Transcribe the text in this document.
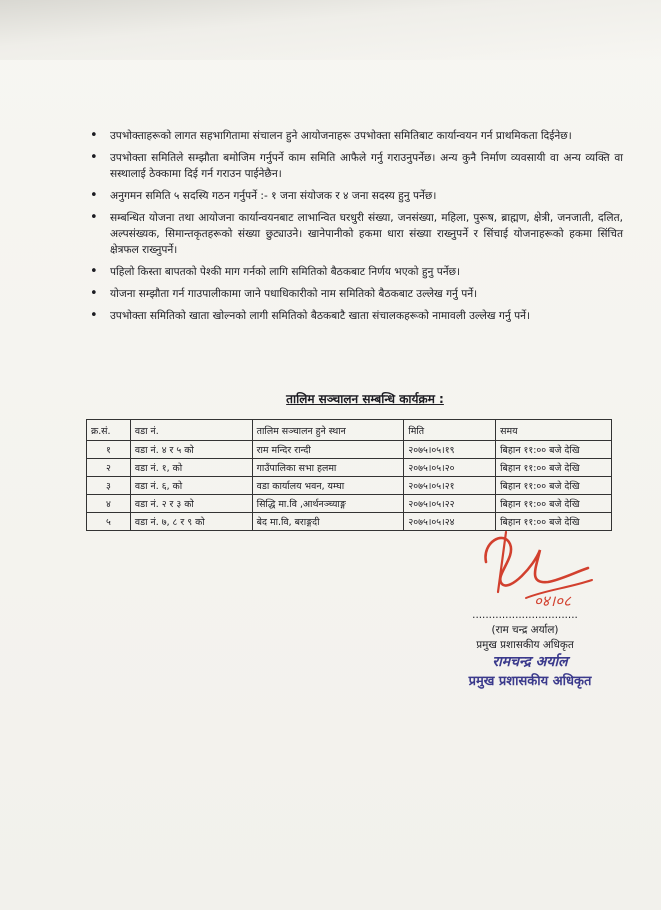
• उपभोक्ताहरूको लागत सहभागितामा संचालन हुने आयोजनाहरू उपभोक्ता समितिबाट कार्यान्वयन गर्न प्राथमिकता दिईनेछ।
• उपभोक्ता समितिले सम्झौता बमोजिम गर्नुपर्ने काम समिति आफैले गर्नु गराउनुपर्नेछ। अन्य कुनै निर्माण व्यवसायी वा अन्य व्यक्ति वा सस्थालाई ठेक्कामा दिई गर्न गराउन पाईनेछैन।
• अनुगमन समिति ५ सदस्यि गठन गर्नुपर्ने :- १ जना संयोजक र ४ जना सदस्य हुनु पर्नेछ।
• सम्बन्धित योजना तथा आयोजना कार्यान्वयनबाट लाभान्वित घरधुरी संख्या, जनसंख्या, महिला, पुरूष, ब्राह्मण, क्षेत्री, जनजाती, दलित, अल्पसंख्यक, सिमान्तकृतहरूको संख्या छुट्याउने। खानेपानीको हकमा धारा संख्या राख्नुपर्ने र सिंचाई योजनाहरूको हकमा सिंचित क्षेत्रफल राख्नुपर्ने।
• पहिलो किस्ता बापतको पेश्की माग गर्नको लागि समितिको बैठकबाट निर्णय भएको हुनु पर्नेछ।
• योजना सम्झौता गर्न गाउपालीकामा जाने पधाधिकारीको नाम समितिको बैठकबाट उल्लेख गर्नु पर्ने।
• उपभोक्ता समितिको खाता खोल्नको लागी समितिको बैठकबाटै खाता संचालकहरूको नामावली उल्लेख गर्नु पर्ने।
तालिम सञ्चालन सम्बन्धि कार्यक्रम :
क्र.सं.	वडा नं.	तालिम सञ्चालन हुने स्थान	मिति	समय
१	वडा नं. ४ र ५ को	राम मन्दिर रान्दी	२०७५।०५।१९	बिहान ११:०० बजे देखि
२	वडा नं. १, को	गाउँपालिका सभा हलमा	२०७५।०५।२०	बिहान ११:०० बजे देखि
३	वडा नं. ६, को	वडा कार्यालय भवन, यम्घा	२०७५।०५।२१	बिहान ११:०० बजे देखि
४	वडा नं. २ र ३ को	सिद्धि मा.वि ,आर्थनञ्च्याङ्ग	२०७५।०५।२२	बिहान ११:०० बजे देखि
५	वडा नं. ७, ८ र ९ को	बेद मा.वि, बराङ्गदी	२०७५।०५।२४	बिहान ११:०० बजे देखि
०४।०८
................................
(राम चन्द्र अर्याल)
प्रमुख प्रशासकीय अधिकृत
रामचन्द्र अर्याल
प्रमुख प्रशासकीय अधिकृत
